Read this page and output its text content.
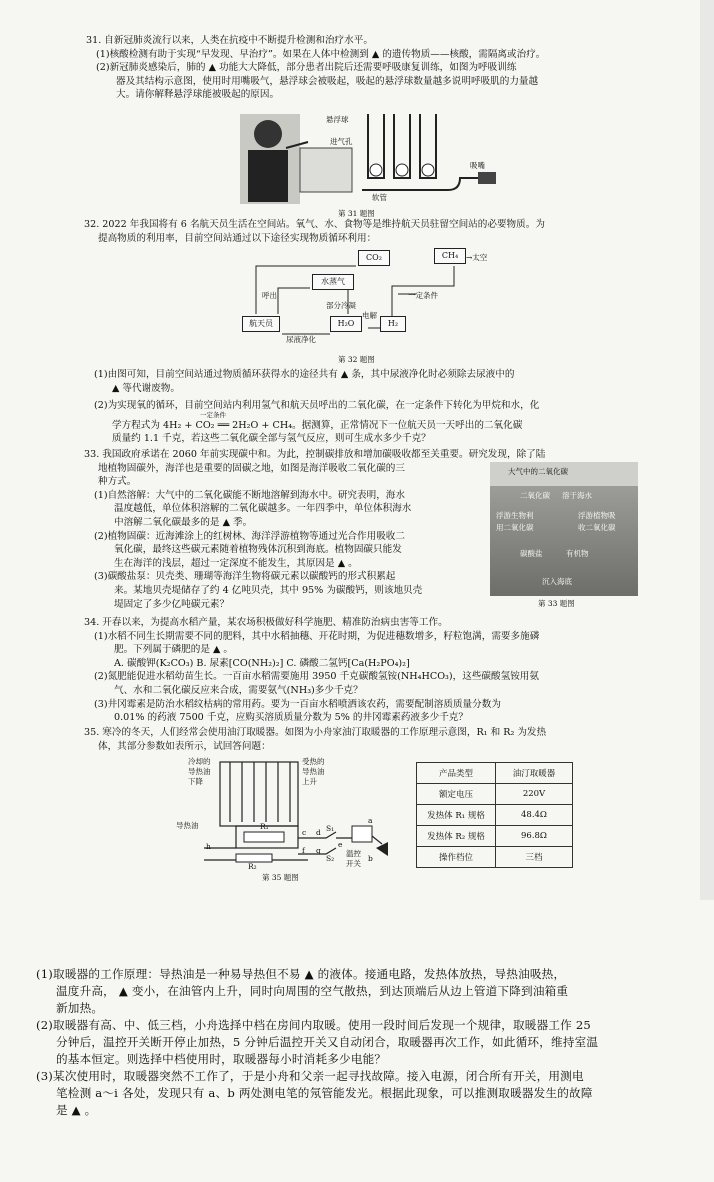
31. 自新冠肺炎流行以来，人类在抗疫中不断提升检测和治疗水平。
(1)核酸检测有助于实现“早发现、早治疗”。如果在人体中检测到 ▲ 的遗传物质——核酸，需隔离或治疗。
(2)新冠肺炎感染后，肺的 ▲ 功能大大降低，部分患者出院后还需要呼吸康复训练，如图为呼吸训练
器及其结构示意图，使用时用嘴吸气，悬浮球会被吸起，吸起的悬浮球数量越多说明呼吸肌的力量越
大。请你解释悬浮球能被吸起的原因。
悬浮球
进气孔
吸嘴
软管
第 31 题图
32. 2022 年我国将有 6 名航天员生活在空间站。氧气、水、食物等是维持航天员驻留空间站的必要物质。为
提高物质的利用率，目前空间站通过以下途径实现物质循环利用：
CO₂	CH₄
水蒸气
航天员	H₂O	H₂
→太空
呼出	一定条件
部分冷凝
电解
尿液净化
第 32 题图
(1)由图可知，目前空间站通过物质循环获得水的途径共有 ▲ 条，其中尿液净化时必须除去尿液中的
▲ 等代谢废物。
(2)为实现氧的循环，目前空间站内利用氢气和航天员呼出的二氧化碳，在一定条件下转化为甲烷和水，化
学方程式为 4H₂ + CO₂ ══ 2H₂O + CH₄。据测算，正常情况下一位航天员一天呼出的二氧化碳
质量约 1.1 千克，若这些二氧化碳全部与氢气反应，则可生成水多少千克？
一定条件
33. 我国政府承诺在 2060 年前实现碳中和。为此，控制碳排放和增加碳吸收都至关重要。研究发现，除了陆
地植物固碳外，海洋也是重要的固碳之地，如图是海洋吸收二氧化碳的三
种方式。
(1)自然溶解：大气中的二氧化碳能不断地溶解到海水中。研究表明，海水
温度越低，单位体积溶解的二氧化碳越多。一年四季中，单位体积海水
中溶解二氧化碳最多的是 ▲ 季。
(2)植物固碳：近海滩涂上的红树林、海洋浮游植物等通过光合作用吸收二
氧化碳，最终这些碳元素随着植物残体沉积到海底。植物固碳只能发
生在海洋的浅层，超过一定深度不能发生，其原因是 ▲ 。
(3)碳酸盐泵：贝壳类、珊瑚等海洋生物将碳元素以碳酸钙的形式积累起
来。某地贝壳堤储存了约 4 亿吨贝壳，其中 95% 为碳酸钙，则该地贝壳
堤固定了多少亿吨碳元素？
大气中的二氧化碳
二氧化碳 溶于海水
浮游生物利
用二氧化碳
浮游植物吸
收二氧化碳
碳酸盐	有机物
沉入海底
第 33 题图
34. 开春以来，为提高水稻产量，某农场积极做好科学施肥、精准防治病虫害等工作。
(1)水稻不同生长期需要不同的肥料，其中水稻抽穗、开花时期，为促进穗数增多，籽粒饱满，需要多施磷
肥。下列属于磷肥的是 ▲ 。
A. 碳酸钾(K₂CO₃) B. 尿素[CO(NH₂)₂] C. 磷酸二氢钙[Ca(H₂PO₄)₂]
(2)氮肥能促进水稻幼苗生长。一百亩水稻需要施用 3950 千克碳酸氢铵(NH₄HCO₃)，这些碳酸氢铵用氨
气、水和二氧化碳反应来合成，需要氨气(NH₃)多少千克？
(3)井冈霉素是防治水稻纹枯病的常用药。要为一百亩水稻喷洒该农药，需要配制溶质质量分数为
0.01% 的药液 7500 千克，应购买溶质质量分数为 5% 的井冈霉素药液多少千克？
35. 寒冷的冬天，人们经常会使用油汀取暖器。如图为小舟家油汀取暖器的工作原理示意图，R₁ 和 R₂ 为发热
体，其部分参数如表所示，试回答问题：
冷却的
导热油
下降
受热的
导热油
上升
导热油	R₁
R₂
温控
开关
a
b
S₁
S₂
c d
e
f g
h
第 35 题图
产品类型	油汀取暖器
额定电压	220V
发热体 R₁ 规格	48.4Ω
发热体 R₂ 规格	96.8Ω
操作档位	三档
(1)取暖器的工作原理：导热油是一种易导热但不易 ▲ 的液体。接通电路，发热体放热，导热油吸热，
温度升高， ▲ 变小，在油管内上升，同时向周围的空气散热，到达顶端后从边上管道下降到油箱重
新加热。
(2)取暖器有高、中、低三档，小舟选择中档在房间内取暖。使用一段时间后发现一个规律，取暖器工作 25
分钟后，温控开关断开停止加热，5 分钟后温控开关又自动闭合，取暖器再次工作，如此循环，维持室温
的基本恒定。则选择中档使用时，取暖器每小时消耗多少电能？
(3)某次使用时，取暖器突然不工作了，于是小舟和父亲一起寻找故障。接入电源，闭合所有开关，用测电
笔检测 a～i 各处，发现只有 a、b 两处测电笔的氖管能发光。根据此现象，可以推测取暖器发生的故障
是 ▲ 。
